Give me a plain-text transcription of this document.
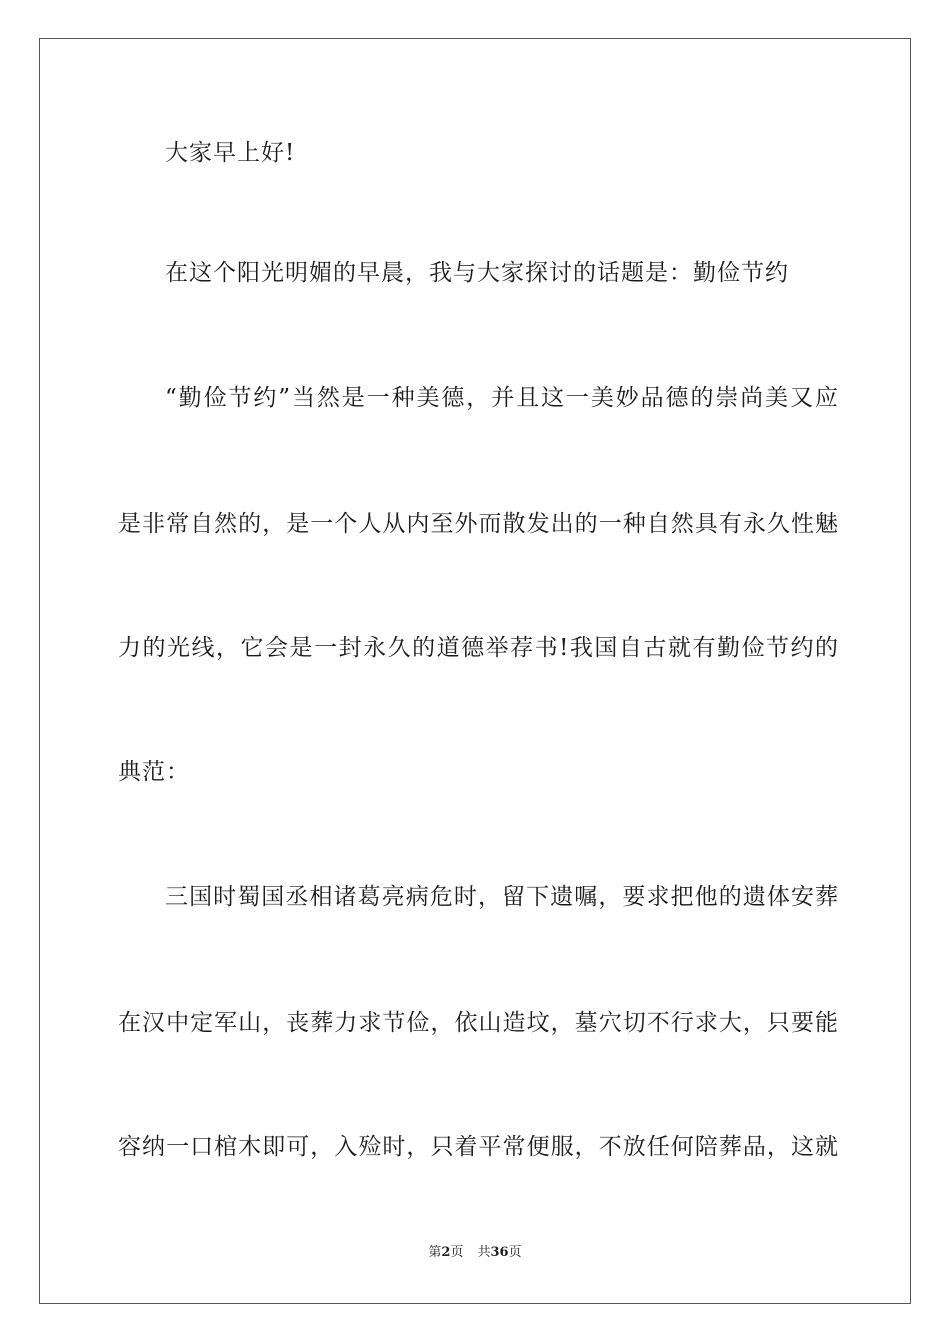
大家早上好!
在这个阳光明媚的早晨，我与大家探讨的话题是：勤俭节约
“勤俭节约”当然是一种美德，并且这一美妙品德的崇尚美又应
是非常自然的，是一个人从内至外而散发出的一种自然具有永久性魅
力的光线，它会是一封永久的道德举荐书!我国自古就有勤俭节约的
典范：
三国时蜀国丞相诸葛亮病危时，留下遗嘱，要求把他的遗体安葬
在汉中定军山，丧葬力求节俭，依山造坟，墓穴切不行求大，只要能
容纳一口棺木即可，入殓时，只着平常便服，不放任何陪葬品，这就
第2页 共36页
